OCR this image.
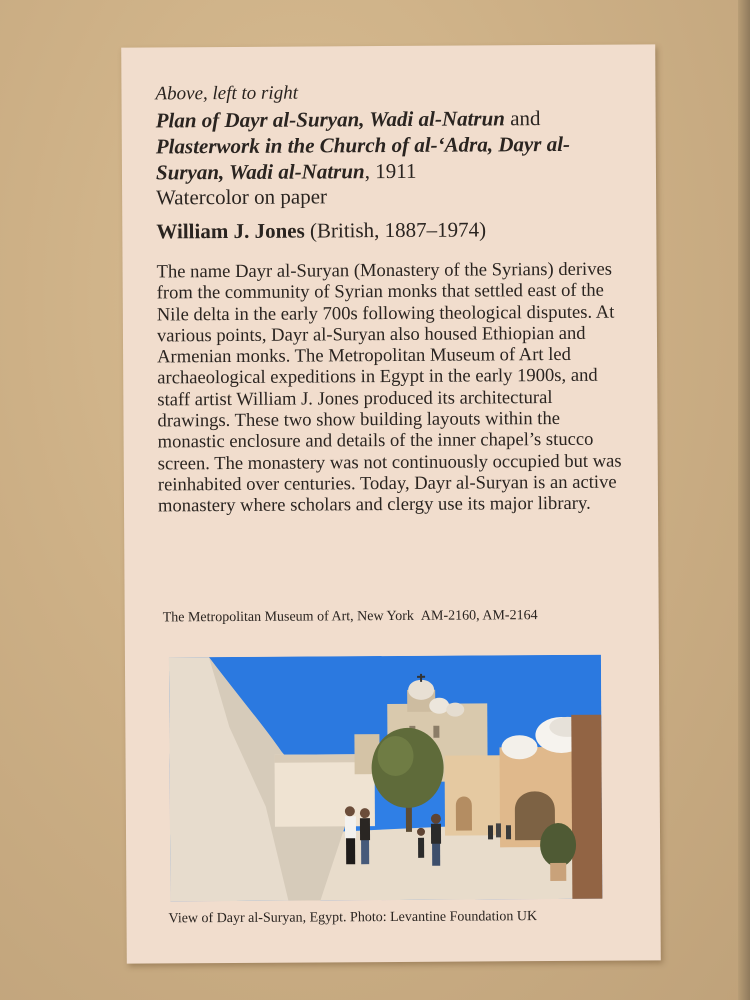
Above, left to right
Plan of Dayr al-Suryan, Wadi al-Natrun and Plasterwork in the Church of al-‘Adra, Dayr al-Suryan, Wadi al-Natrun, 1911
Watercolor on paper
William J. Jones (British, 1887–1974)
The name Dayr al-Suryan (Monastery of the Syrians) derives from the community of Syrian monks that settled east of the Nile delta in the early 700s following theological disputes. At various points, Dayr al-Suryan also housed Ethiopian and Armenian monks. The Metropolitan Museum of Art led archaeological expeditions in Egypt in the early 1900s, and staff artist William J. Jones produced its architectural drawings. These two show building layouts within the monastic enclosure and details of the inner chapel’s stucco screen. The monastery was not continuously occupied but was reinhabited over centuries. Today, Dayr al-Suryan is an active monastery where scholars and clergy use its major library.
The Metropolitan Museum of Art, New York  AM-2160, AM-2164
View of Dayr al-Suryan, Egypt. Photo: Levantine Foundation UK
